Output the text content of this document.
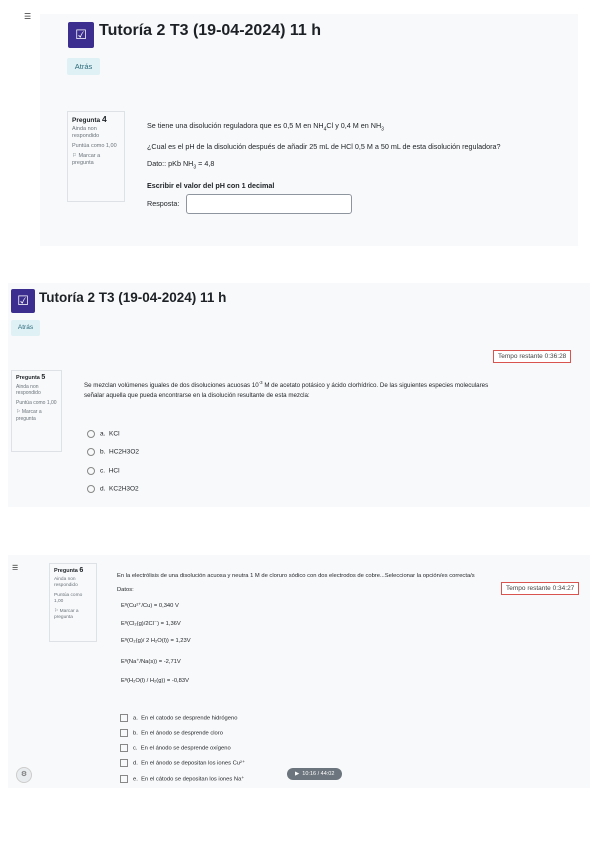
☰
☑ Tutoría 2 T3 (19-04-2024) 11 h
Atrás
Pregunta 4
Ainda non respondido
Puntúa como 1,00
⚐ Marcar a pregunta
Se tiene una disolución reguladora que es 0,5 M en $NH_4Cl$ y 0,4 M en $NH_3$
¿Cual es el pH de la disolución después de añadir 25 mL de HCl 0,5 M a 50 mL de esta disolución reguladora?
Dato:: pKb $NH_3 = 4,8$
Escribir el valor del pH con 1 decimal
Resposta:
☑ Tutoría 2 T3 (19-04-2024) 11 h
Atrás
Tempo restante 0:36:28
Pregunta 5
Ainda non respondido
Puntúa como 1,00
⚐ Marcar a pregunta
Se mezclan volúmenes iguales de dos disoluciones acuosas $10^{-3}$ M de acetato potásico y ácido clorhídrico. De las siguientes especies moleculares
señalar aquella que pueda encontrarse en la disolución resultante de esta mezcla:
a. KCl
b. HC2H3O2
c. HCl
d. KC2H3O2
☰
Tempo restante 0:34:27
Pregunta 6
Ainda non respondido
Puntúa como 1,00
⚐ Marcar a pregunta
En la electrólisis de una disolución acuosa y neutra 1 M de cloruro sódico con dos electrodos de cobre...Seleccionar la opción/es correcta/s
Datos:
Eº(Cu²⁺/Cu) = 0,340 V
Eº(Cl₂(g)/2Cl⁻) = 1,36V
Eº(O₂(g)/ 2 H₂O(l)) = 1,23V
Eº(Na⁺/Na(s)) = -2,71V
Eº(H₂O(l) / H₂(g)) = -0,83V
a. En el catodo se desprende hidrógeno
b. En el ánodo se desprende cloro
c. En el ánodo se desprende oxígeno
d. En el ánodo se depositan los iones Cu²⁺
e. En el cátodo se depositan los iones Na⁺
▶ 10:16 / 44:02
⚙
